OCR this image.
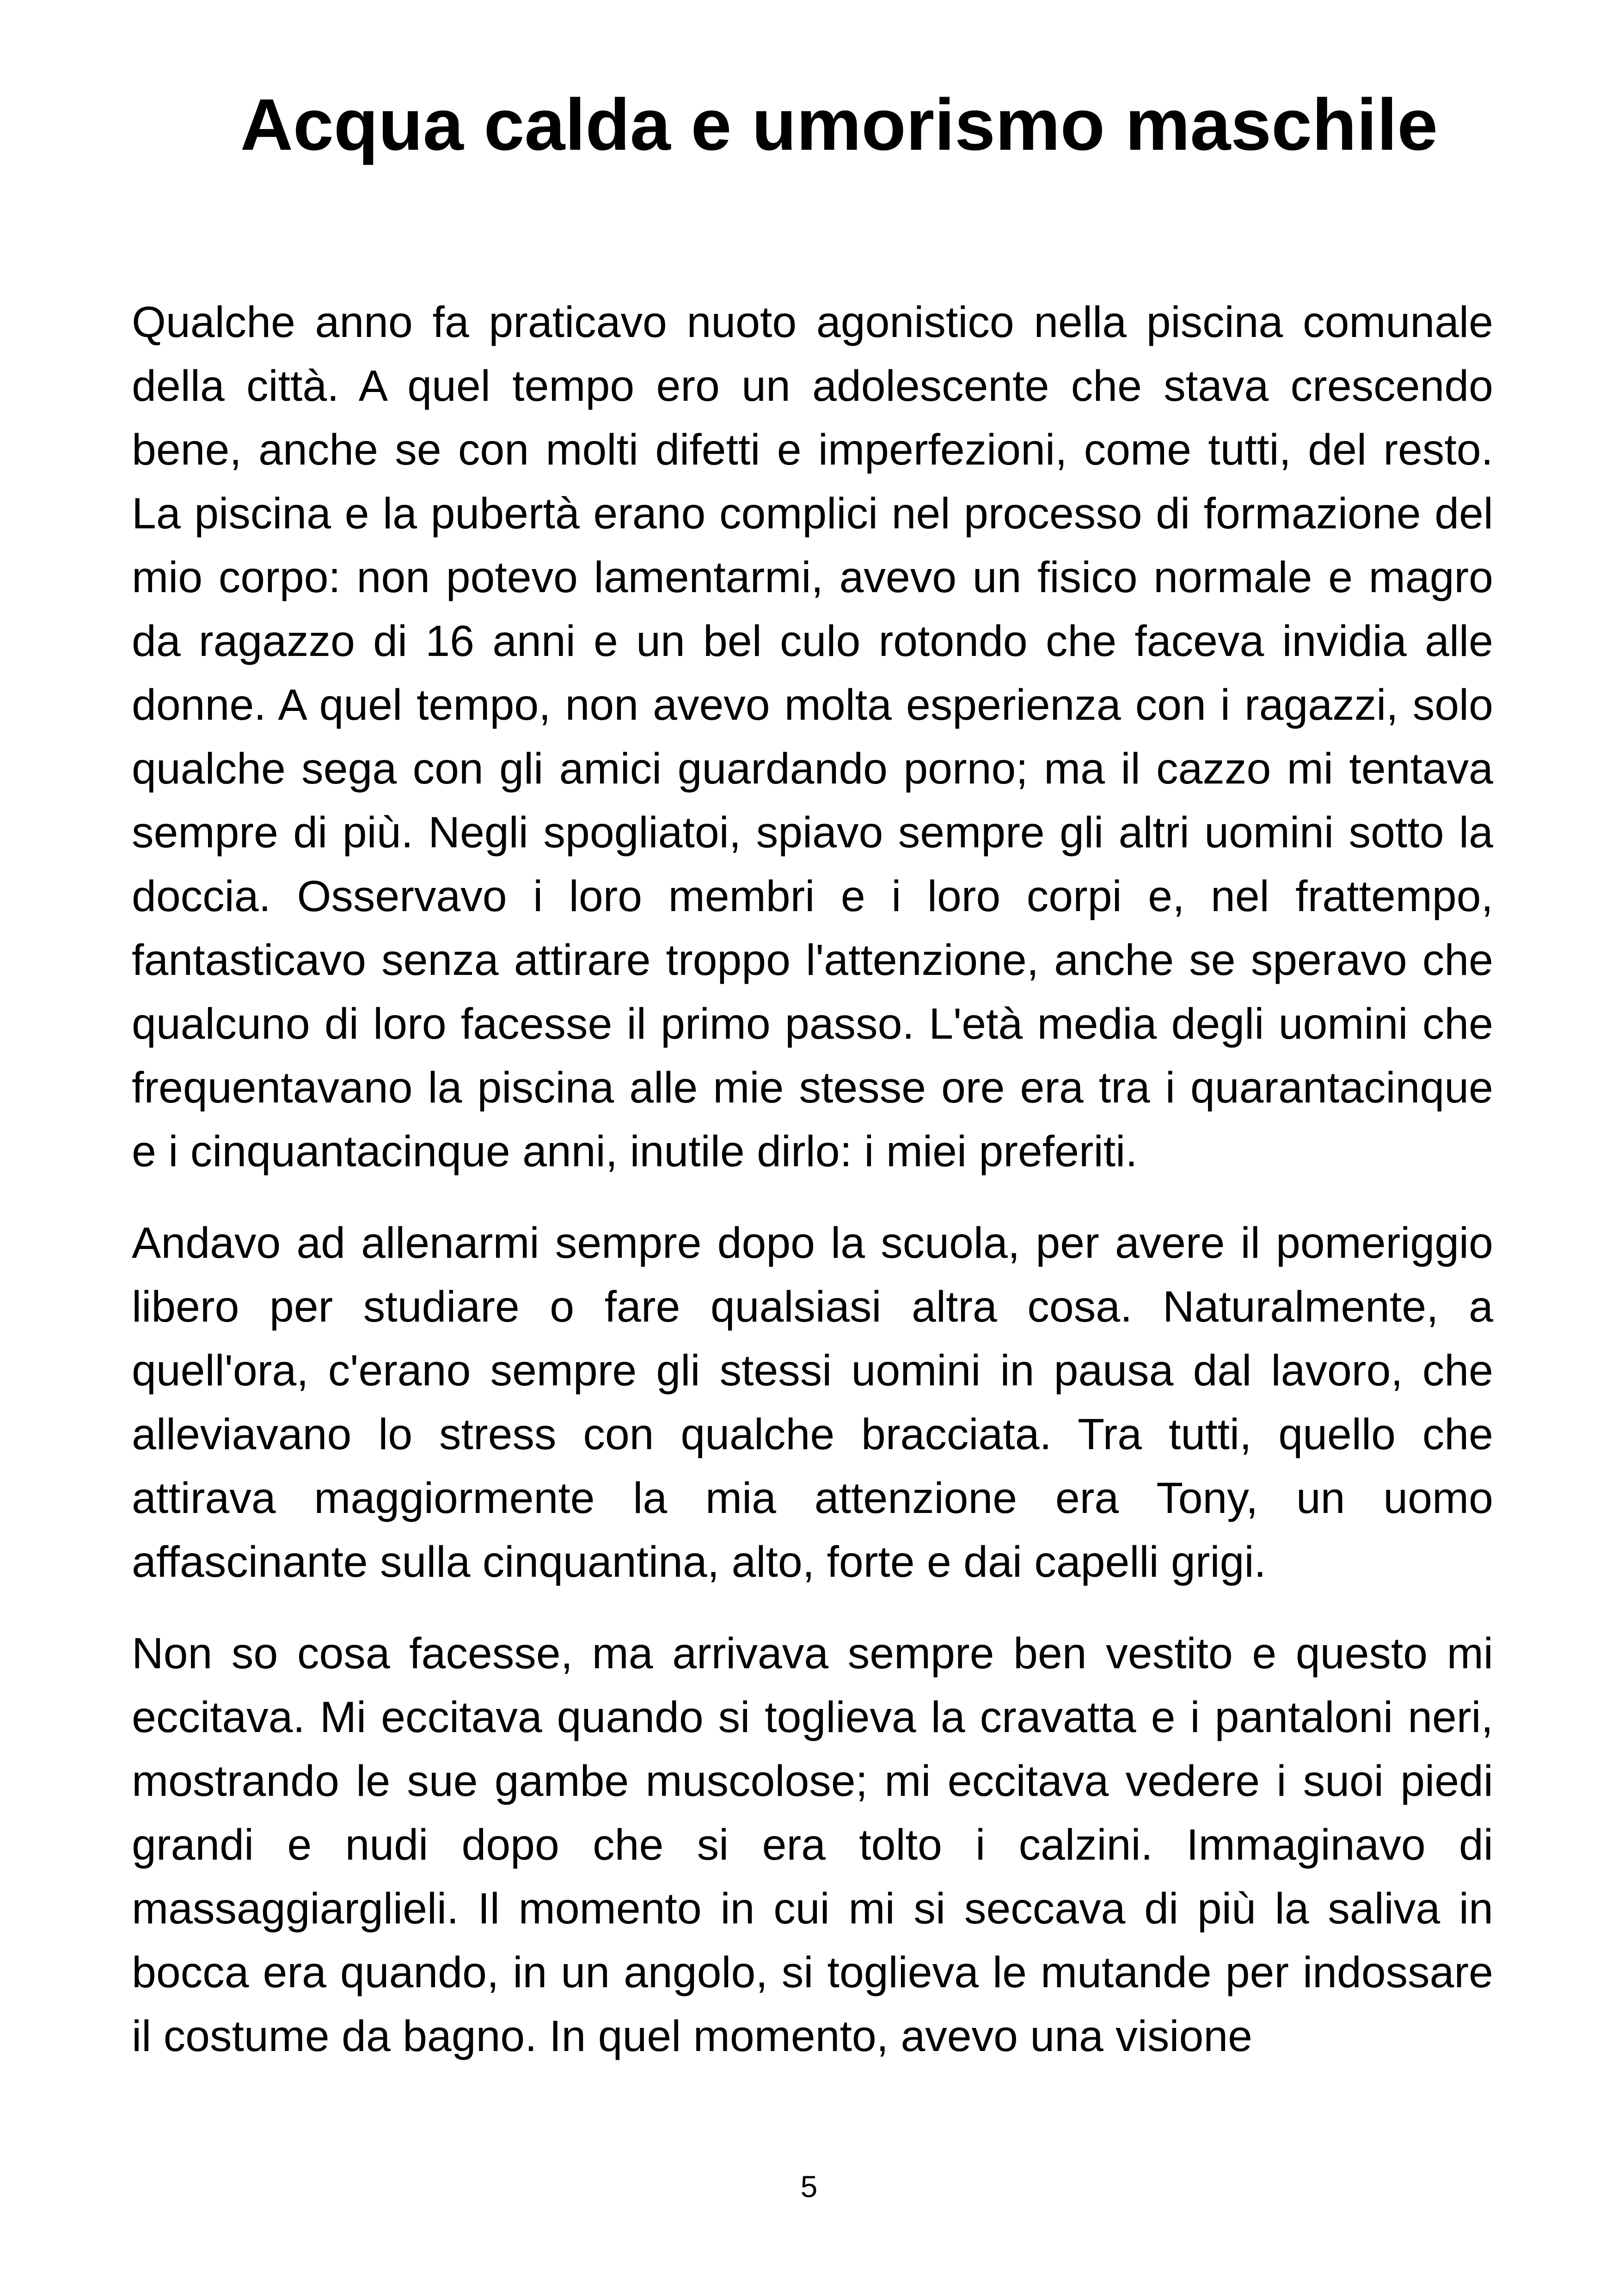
Acqua calda e umorismo maschile

Qualche anno fa praticavo nuoto agonistico nella piscina comunale della città. A quel tempo ero un adolescente che stava crescendo bene, anche se con molti difetti e imperfezioni, come tutti, del resto. La piscina e la pubertà erano complici nel processo di formazione del mio corpo: non potevo lamentarmi, avevo un fisico normale e magro da ragazzo di 16 anni e un bel culo rotondo che faceva invidia alle donne. A quel tempo, non avevo molta esperienza con i ragazzi, solo qualche sega con gli amici guardando porno; ma il cazzo mi tentava sempre di più. Negli spogliatoi, spiavo sempre gli altri uomini sotto la doccia. Osservavo i loro membri e i loro corpi e, nel frattempo, fantasticavo senza attirare troppo l'attenzione, anche se speravo che qualcuno di loro facesse il primo passo. L'età media degli uomini che frequentavano la piscina alle mie stesse ore era tra i quarantacinque e i cinquantacinque anni, inutile dirlo: i miei preferiti.

Andavo ad allenarmi sempre dopo la scuola, per avere il pomeriggio libero per studiare o fare qualsiasi altra cosa. Naturalmente, a quell'ora, c'erano sempre gli stessi uomini in pausa dal lavoro, che alleviavano lo stress con qualche bracciata. Tra tutti, quello che attirava maggiormente la mia attenzione era Tony, un uomo affascinante sulla cinquantina, alto, forte e dai capelli grigi.

Non so cosa facesse, ma arrivava sempre ben vestito e questo mi eccitava. Mi eccitava quando si toglieva la cravatta e i pantaloni neri, mostrando le sue gambe muscolose; mi eccitava vedere i suoi piedi grandi e nudi dopo che si era tolto i calzini. Immaginavo di massaggiarglieli. Il momento in cui mi si seccava di più la saliva in bocca era quando, in un angolo, si toglieva le mutande per indossare il costume da bagno. In quel momento, avevo una visione

5
